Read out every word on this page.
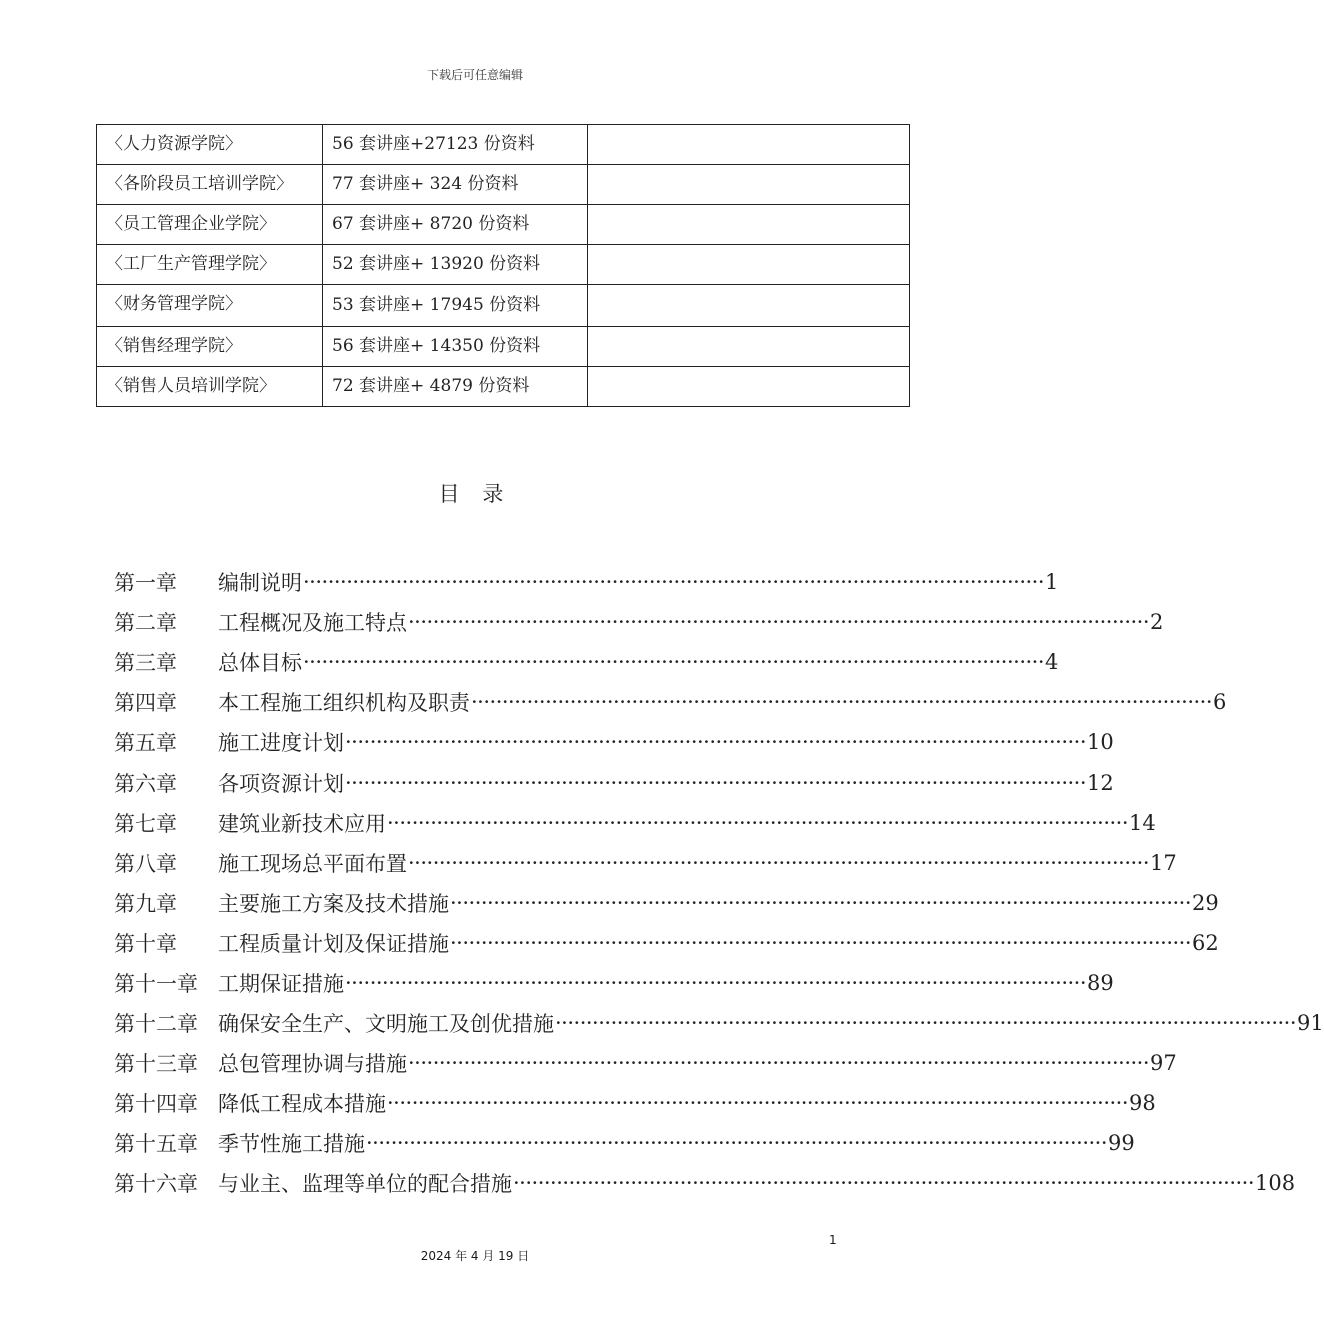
下载后可任意编辑
〈人力资源学院〉	56 套讲座+27123 份资料	
〈各阶段员工培训学院〉	77 套讲座+ 324 份资料	
〈员工管理企业学院〉	67 套讲座+ 8720 份资料	
〈工厂生产管理学院〉	52 套讲座+ 13920 份资料	
〈财务管理学院〉	53 套讲座+ 17945 份资料	
〈销售经理学院〉	56 套讲座+ 14350 份资料	
〈销售人员培训学院〉	72 套讲座+ 4879 份资料	
目 录
第一章	编制说明 ························································································································ 1
第二章	工程概况及施工特点 ························································································································ 2
第三章	总体目标 ························································································································ 4
第四章	本工程施工组织机构及职责 ························································································································ 6
第五章	施工进度计划 ························································································································ 10
第六章	各项资源计划 ························································································································ 12
第七章	建筑业新技术应用 ························································································································ 14
第八章	施工现场总平面布置 ························································································································ 17
第九章	主要施工方案及技术措施 ························································································································ 29
第十章	工程质量计划及保证措施 ························································································································ 62
第十一章 工期保证措施 ························································································································ 89
第十二章 确保安全生产、文明施工及创优措施 ························································································································ 91
第十三章 总包管理协调与措施 ························································································································ 97
第十四章 降低工程成本措施 ························································································································ 98
第十五章 季节性施工措施 ························································································································ 99
第十六章 与业主、监理等单位的配合措施 ························································································································ 108
1
2024 年 4 月 19 日
